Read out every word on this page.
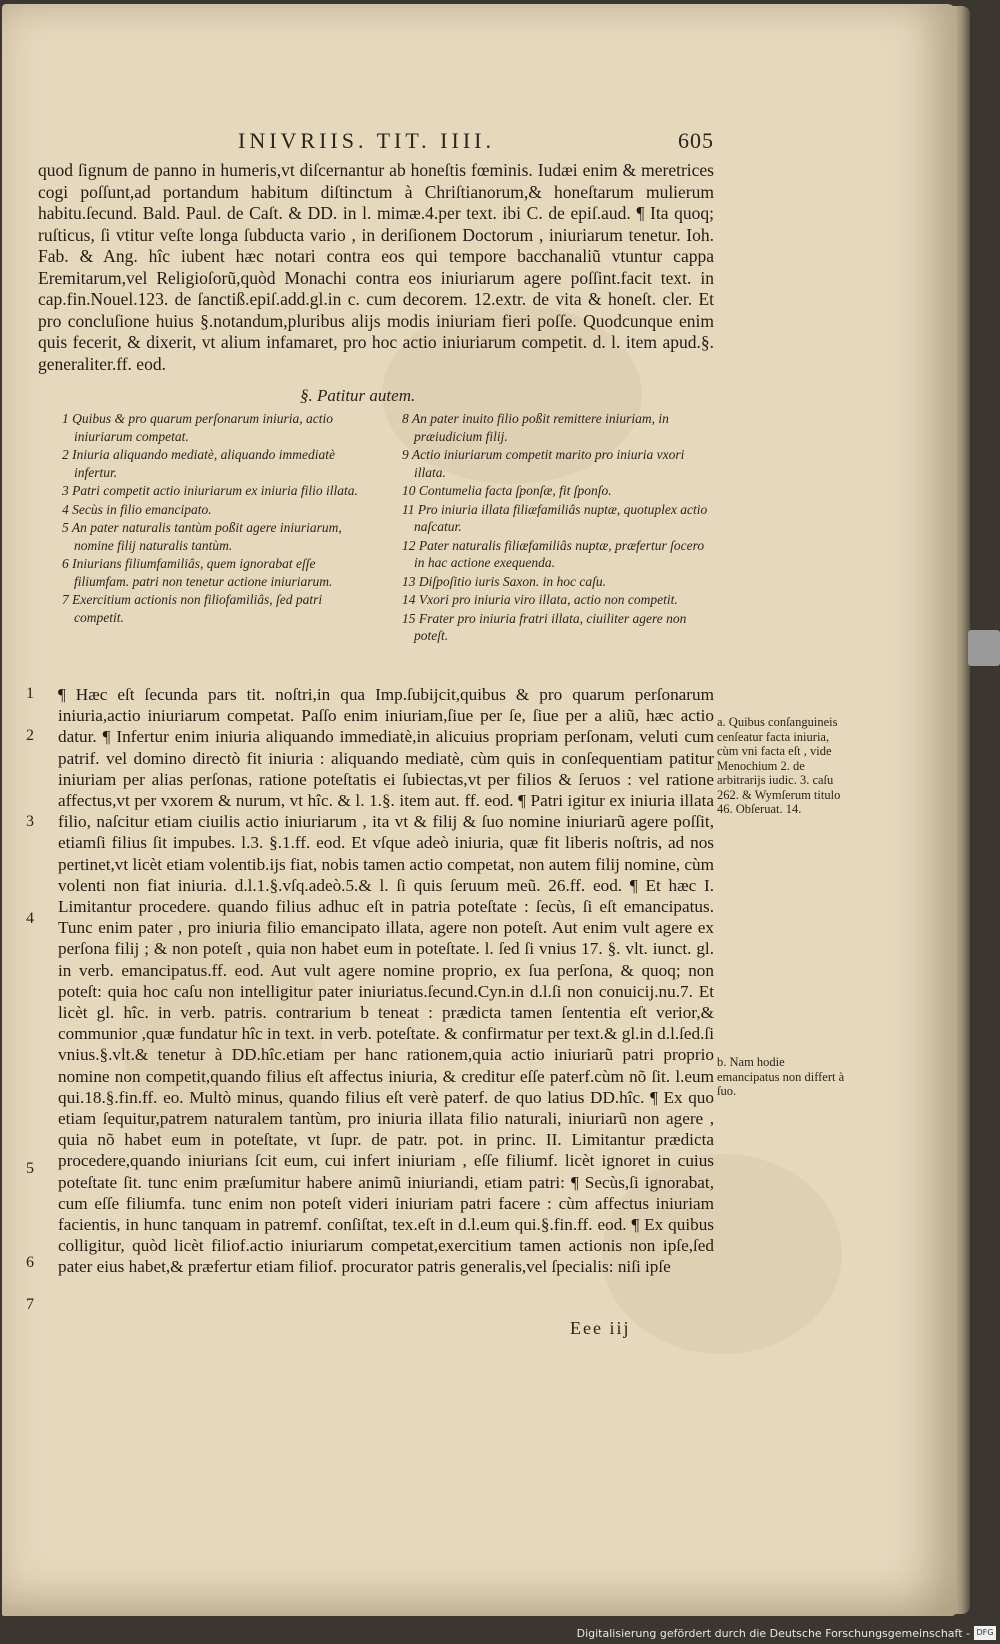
INIVRIIS. TIT. IIII.	605
quod ſignum de panno in humeris,vt diſcernantur ab honeſtis fœminis. Iudæi enim & meretrices cogi poſſunt,ad portandum habitum diſtinctum à Chriſtianorum,& honeſtarum mulierum habitu.ſecund. Bald. Paul. de Caſt. & DD. in l. mimæ.4.per text. ibi C. de epiſ.aud. ¶ Ita quoq; ruſticus, ſi vtitur veſte longa ſubducta vario , in deriſionem Doctorum , iniuriarum tenetur. Ioh. Fab. & Ang. hîc iubent hæc notari contra eos qui tempore bacchanaliũ vtuntur cappa Eremitarum,vel Religioſorũ,quòd Monachi contra eos iniuriarum agere poſſint.facit text. in cap.fin.Nouel.123. de ſanctiß.epiſ.add.gl.in c. cum decorem. 12.extr. de vita & honeſt. cler. Et pro concluſione huius §.notandum,pluribus alijs modis iniuriam fieri poſſe. Quodcunque enim quis fecerit, & dixerit, vt alium infamaret, pro hoc actio iniuriarum competit. d. l. item apud.§. generaliter.ff. eod.
§. Patitur autem.
1 Quibus & pro quarum perſonarum iniuria, actio iniuriarum competat.
2 Iniuria aliquando mediatè, aliquando immediatè infertur.
3 Patri competit actio iniuriarum ex iniuria filio illata.
4 Secùs in filio emancipato.
5 An pater naturalis tantùm poßit agere iniuriarum, nomine filij naturalis tantùm.
6 Iniurians filiumfamiliâs, quem ignorabat eſſe filiumfam. patri non tenetur actione iniuriarum.
7 Exercitium actionis non filiofamiliâs, ſed patri competit.
8 An pater inuito filio poßit remittere iniuriam, in præiudicium filij.
9 Actio iniuriarum competit marito pro iniuria vxori illata.
10 Contumelia facta ſponſæ, fit ſponſo.
11 Pro iniuria illata filiæfamiliâs nuptæ, quotuplex actio naſcatur.
12 Pater naturalis filiæfamiliâs nuptæ, præfertur ſocero in hac actione exequenda.
13 Diſpoſitio iuris Saxon. in hoc caſu.
14 Vxori pro iniuria viro illata, actio non competit.
15 Frater pro iniuria fratri illata, ciuiliter agere non poteſt.
¶ Hæc eſt ſecunda pars tit. noſtri,in qua Imp.ſubijcit,quibus & pro quarum perſonarum iniuria,actio iniuriarum competat. Paſſo enim iniuriam,ſiue per ſe, ſiue per a aliũ, hæc actio datur. ¶ Infertur enim iniuria aliquando immediatè,in alicuius propriam perſonam, veluti cum patrif. vel domino directò fit iniuria : aliquando mediatè, cùm quis in conſequentiam patitur iniuriam per alias perſonas, ratione poteſtatis ei ſubiectas,vt per filios & ſeruos : vel ratione affectus,vt per vxorem & nurum, vt hîc. & l. 1.§. item aut. ff. eod. ¶ Patri igitur ex iniuria illata filio, naſcitur etiam ciuilis actio iniuriarum , ita vt & filij & ſuo nomine iniuriarũ agere poſſit, etiamſi filius ſit impubes. l.3. §.1.ff. eod. Et vſque adeò iniuria, quæ fit liberis noſtris, ad nos pertinet,vt licèt etiam volentib.ijs fiat, nobis tamen actio competat, non autem filij nomine, cùm volenti non fiat iniuria. d.l.1.§.vſq.adeò.5.& l. ſi quis ſeruum meũ. 26.ff. eod. ¶ Et hæc I. Limitantur procedere. quando filius adhuc eſt in patria poteſtate : ſecùs, ſi eſt emancipatus. Tunc enim pater , pro iniuria filio emancipato illata, agere non poteſt. Aut enim vult agere ex perſona filij ; & non poteſt , quia non habet eum in poteſtate. l. ſed ſi vnius 17. §. vlt. iunct. gl. in verb. emancipatus.ff. eod. Aut vult agere nomine proprio, ex ſua perſona, & quoq; non poteſt: quia hoc caſu non intelligitur pater iniuriatus.ſecund.Cyn.in d.l.ſi non conuicij.nu.7. Et licèt gl. hîc. in verb. patris. contrarium b teneat : prædicta tamen ſententia eſt verior,& communior ,quæ fundatur hîc in text. in verb. poteſtate. & confirmatur per text.& gl.in d.l.ſed.ſi vnius.§.vlt.& tenetur à DD.hîc.etiam per hanc rationem,quia actio iniuriarũ patri proprio nomine non competit,quando filius eſt affectus iniuria, & creditur eſſe paterf.cùm nõ ſit. l.eum qui.18.§.fin.ff. eo. Multò minus, quando filius eſt verè paterf. de quo latius DD.hîc. ¶ Ex quo etiam ſequitur,patrem naturalem tantùm, pro iniuria illata filio naturali, iniuriarũ non agere , quia nõ habet eum in poteſtate, vt ſupr. de patr. pot. in princ. II. Limitantur prædicta procedere,quando iniurians ſcit eum, cui infert iniuriam , eſſe filiumf. licèt ignoret in cuius poteſtate ſit. tunc enim præſumitur habere animũ iniuriandi, etiam patri: ¶ Secùs,ſi ignorabat, cum eſſe filiumfa. tunc enim non poteſt videri iniuriam patri facere : cùm affectus iniuriam facientis, in hunc tanquam in patremf. conſiſtat, tex.eſt in d.l.eum qui.§.fin.ff. eod. ¶ Ex quibus colligitur, quòd licèt filiof.actio iniuriarum competat,exercitium tamen actionis non ipſe,ſed pater eius habet,& præfertur etiam filiof. procurator patris generalis,vel ſpecialis: niſi ipſe
1
2
3
4
5
6
7
a. Quibus conſanguineis cenſeatur facta iniuria, cùm vni facta eſt , vide Menochium 2. de arbitrarijs iudic. 3. caſu 262. & Wymſerum titulo 46. Obſeruat. 14.
b. Nam hodie emancipatus non differt à ſuo.
Eee iij
Digitalisierung gefördert durch die Deutsche Forschungsgemeinschaft - DFG
